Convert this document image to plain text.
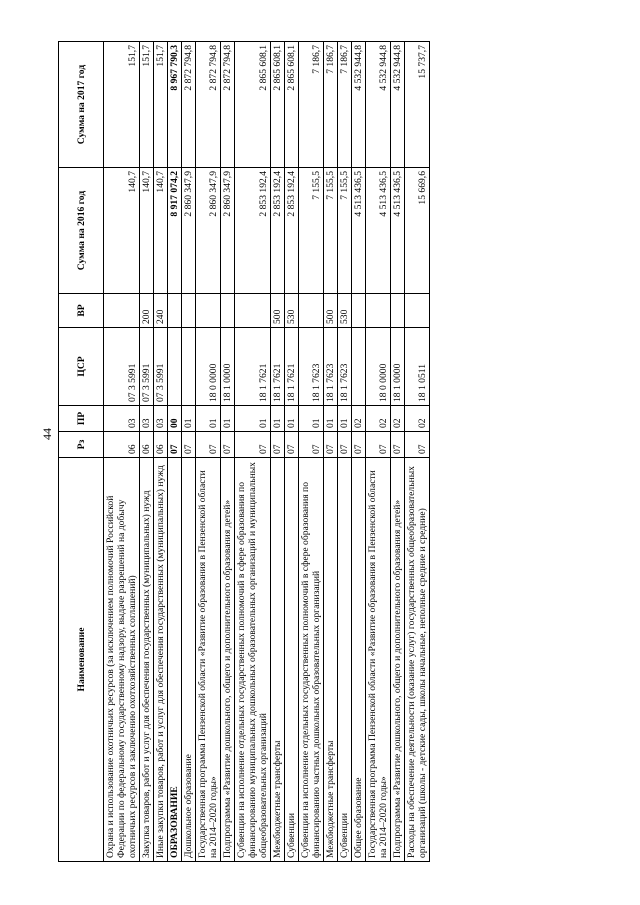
44
Наименование	Рз	ПР	ЦСР	ВР	Сумма на 2016 год	Сумма на 2017 год
Охрана и использование охотничьих ресурсов (за исключением полномочий Российской Федерации по федеральному государственному надзору, выдаче разрешений на добычу охотничьих ресурсов и заключению охотхозяйственных соглашений)	06	03	07 3 5991		140,7	151,7
Закупка товаров, работ и услуг для обеспечения государственных (муниципальных) нужд	06	03	07 3 5991	200	140,7	151,7
Иные закупки товаров, работ и услуг для обеспечения государственных (муниципальных) нужд	06	03	07 3 5991	240	140,7	151,7
ОБРАЗОВАНИЕ	07	00			8 917 074,2	8 967 790,3
Дошкольное образование	07	01			2 860 347,9	2 872 794,8
Государственная программа Пензенской области «Развитие образования в Пензенской области на 2014–2020 годы»	07	01	18 0 0000		2 860 347,9	2 872 794,8
Подпрограмма «Развитие дошкольного, общего и дополнительного образования детей»	07	01	18 1 0000		2 860 347,9	2 872 794,8
Субвенции на исполнение отдельных государственных полномочий в сфере образования по финансированию муниципальных дошкольных образовательных организаций и муниципальных общеобразовательных организаций	07	01	18 1 7621		2 853 192,4	2 865 608,1
Межбюджетные трансферты	07	01	18 1 7621	500	2 853 192,4	2 865 608,1
Субвенции	07	01	18 1 7621	530	2 853 192,4	2 865 608,1
Субвенции на исполнение отдельных государственных полномочий в сфере образования по финансированию частных дошкольных образовательных организаций	07	01	18 1 7623		7 155,5	7 186,7
Межбюджетные трансферты	07	01	18 1 7623	500	7 155,5	7 186,7
Субвенции	07	01	18 1 7623	530	7 155,5	7 186,7
Общее образование	07	02			4 513 436,5	4 532 944,8
Государственная программа Пензенской области «Развитие образования в Пензенской области на 2014–2020 годы»	07	02	18 0 0000		4 513 436,5	4 532 944,8
Подпрограмма «Развитие дошкольного, общего и дополнительного образования детей»	07	02	18 1 0000		4 513 436,5	4 532 944,8
Расходы на обеспечение деятельности (оказание услуг) государственных общеобразовательных организаций (школы - детские сады, школы начальные, неполные средние и средние)	07	02	18 1 0511		15 669,6	15 737,7
